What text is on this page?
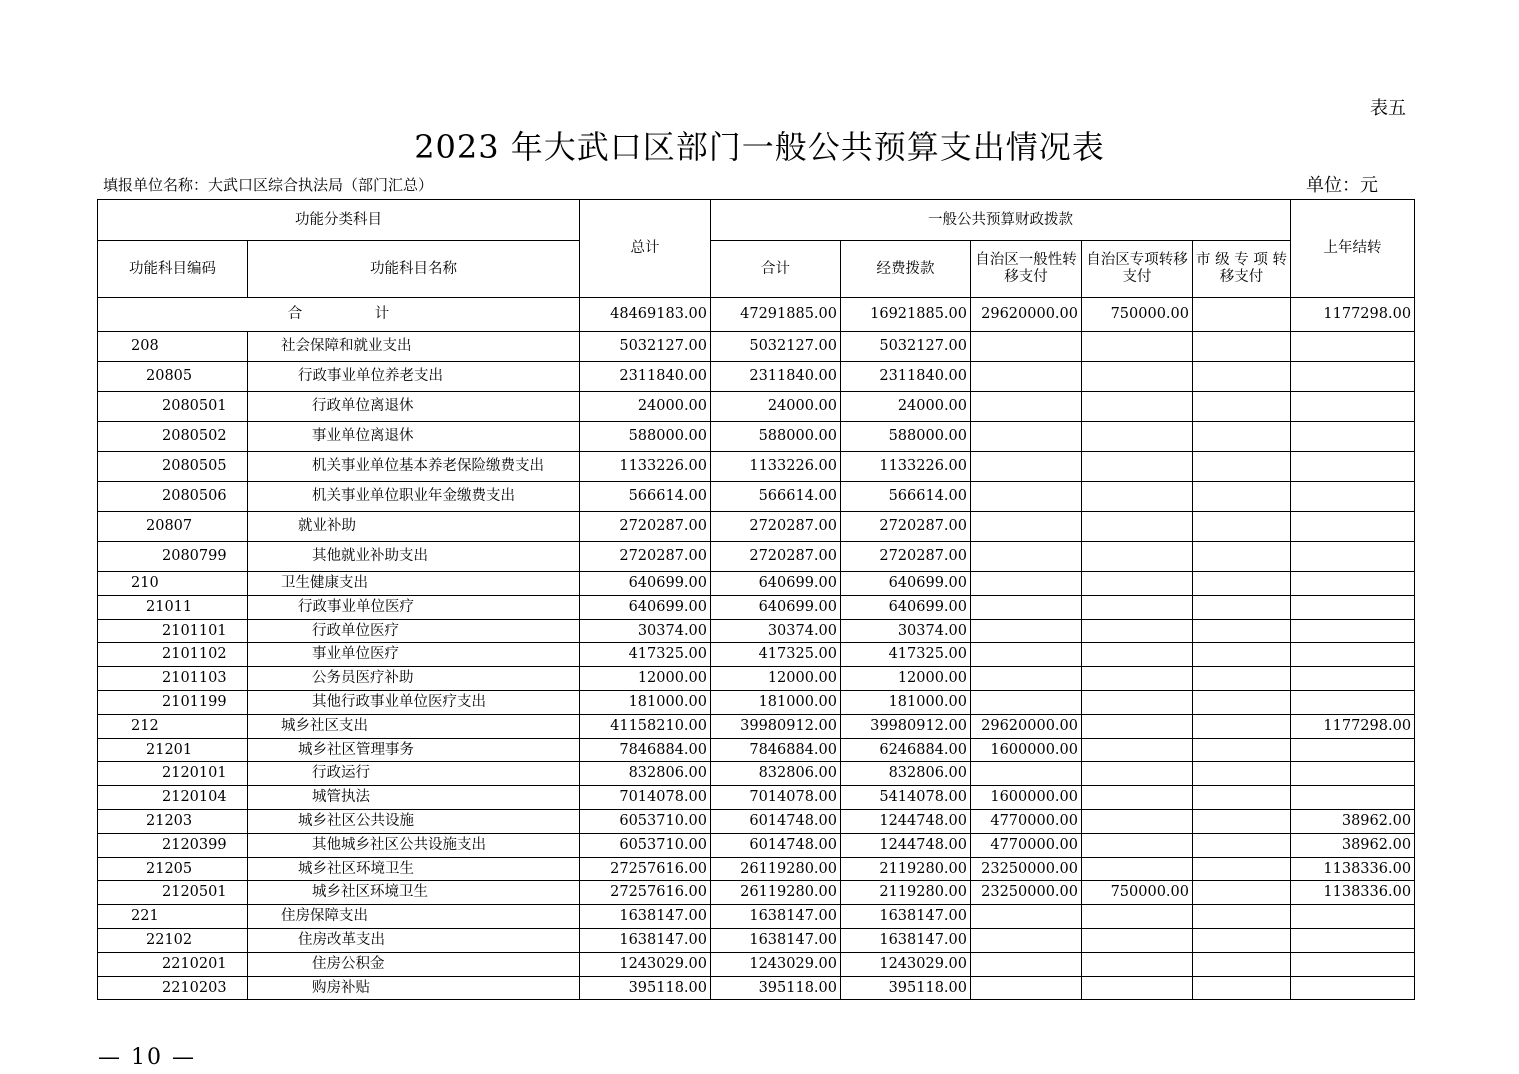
表五
2023 年大武口区部门一般公共预算支出情况表
填报单位名称：大武口区综合执法局（部门汇总）	单位：元
功能分类科目		总计	一般公共预算财政拨款					上年结转
功能科目编码	功能科目名称		合计	经费拨款	自治区一般性转移支付	自治区专项转移支付	市 级 专 项 转 移支付	
合　　　　　计		48469183.00	47291885.00	16921885.00	29620000.00	750000.00		1177298.00
208	社会保障和就业支出	5032127.00	5032127.00	5032127.00				
20805	行政事业单位养老支出	2311840.00	2311840.00	2311840.00				
2080501	行政单位离退休	24000.00	24000.00	24000.00				
2080502	事业单位离退休	588000.00	588000.00	588000.00				
2080505	机关事业单位基本养老保险缴费支出	1133226.00	1133226.00	1133226.00				
2080506	机关事业单位职业年金缴费支出	566614.00	566614.00	566614.00				
20807	就业补助	2720287.00	2720287.00	2720287.00				
2080799	其他就业补助支出	2720287.00	2720287.00	2720287.00				
210	卫生健康支出	640699.00	640699.00	640699.00				
21011	行政事业单位医疗	640699.00	640699.00	640699.00				
2101101	行政单位医疗	30374.00	30374.00	30374.00				
2101102	事业单位医疗	417325.00	417325.00	417325.00				
2101103	公务员医疗补助	12000.00	12000.00	12000.00				
2101199	其他行政事业单位医疗支出	181000.00	181000.00	181000.00				
212	城乡社区支出	41158210.00	39980912.00	39980912.00	29620000.00			1177298.00
21201	城乡社区管理事务	7846884.00	7846884.00	6246884.00	1600000.00			
2120101	行政运行	832806.00	832806.00	832806.00				
2120104	城管执法	7014078.00	7014078.00	5414078.00	1600000.00			
21203	城乡社区公共设施	6053710.00	6014748.00	1244748.00	4770000.00			38962.00
2120399	其他城乡社区公共设施支出	6053710.00	6014748.00	1244748.00	4770000.00			38962.00
21205	城乡社区环境卫生	27257616.00	26119280.00	2119280.00	23250000.00			1138336.00
2120501	城乡社区环境卫生	27257616.00	26119280.00	2119280.00	23250000.00	750000.00		1138336.00
221	住房保障支出	1638147.00	1638147.00	1638147.00				
22102	住房改革支出	1638147.00	1638147.00	1638147.00				
2210201	住房公积金	1243029.00	1243029.00	1243029.00				
2210203	购房补贴	395118.00	395118.00	395118.00				
— 10 —
